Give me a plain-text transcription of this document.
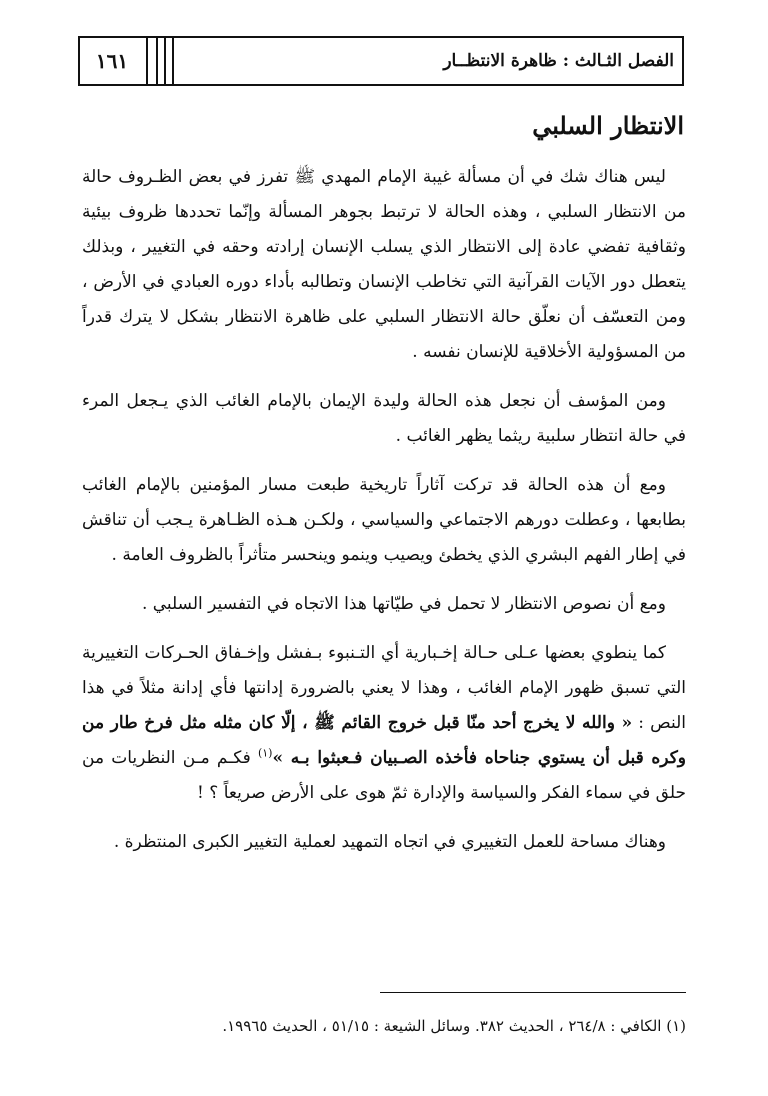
١٦١	الفصل الثـالث : ظاهرة الانتظــار
الانتظار السلبي

ليس هناك شك في أن مسألة غيبة الإمام المهدي ﷺ تفرز في بعض الظـروف حالة من الانتظار السلبي ، وهذه الحالة لا ترتبط بجوهر المسألة وإنّما تحددها ظروف بيئية وثقافية تفضي عادة إلى الانتظار الذي يسلب الإنسان إرادته وحقه في التغيير ، وبذلك يتعطل دور الآيات القرآنية التي تخاطب الإنسان وتطالبه بأداء دوره العبادي في الأرض ، ومن التعسّف أن نعلّق حالة الانتظار السلبي على ظاهرة الانتظار بشكل لا يترك قدراً من المسؤولية الأخلاقية للإنسان نفسه .

ومن المؤسف أن نجعل هذه الحالة وليدة الإيمان بالإمام الغائب الذي يـجعل المرء في حالة انتظار سلبية ريثما يظهر الغائب .

ومع أن هذه الحالة قد تركت آثاراً تاريخية طبعت مسار المؤمنين بالإمام الغائب بطابعها ، وعطلت دورهم الاجتماعي والسياسي ، ولكـن هـذه الظـاهرة يـجب أن تناقش في إطار الفهم البشري الذي يخطئ ويصيب وينمو وينحسر متأثراً بالظروف العامة .

ومع أن نصوص الانتظار لا تحمل في طيّاتها هذا الاتجاه في التفسير السلبي .

كما ينطوي بعضها عـلى حـالة إخـبارية أي التـنبوء بـفشل وإخـفاق الحـركات التغييرية التي تسبق ظهور الإمام الغائب ، وهذا لا يعني بالضرورة إدانتها فأي إدانة مثلاً في هذا النص : « والله لا يخرج أحد منّا قبل خروج القائم ﷺ ، إلّا كان مثله مثل فرخ طار من وكره قبل أن يستوي جناحاه فأخذه الصـبيان فـعبثوا بـه »$^{(١)}$ فكـم مـن النظريات من حلق في سماء الفكر والسياسة والإدارة ثمّ هوى على الأرض صريعاً ؟ !

وهناك مساحة للعمل التغييري في اتجاه التمهيد لعملية التغيير الكبرى المنتظرة .

(١) الكافي : ٢٦٤/٨ ، الحديث ٣٨٢. وسائل الشيعة : ٥١/١٥ ، الحديث ١٩٩٦٥.
